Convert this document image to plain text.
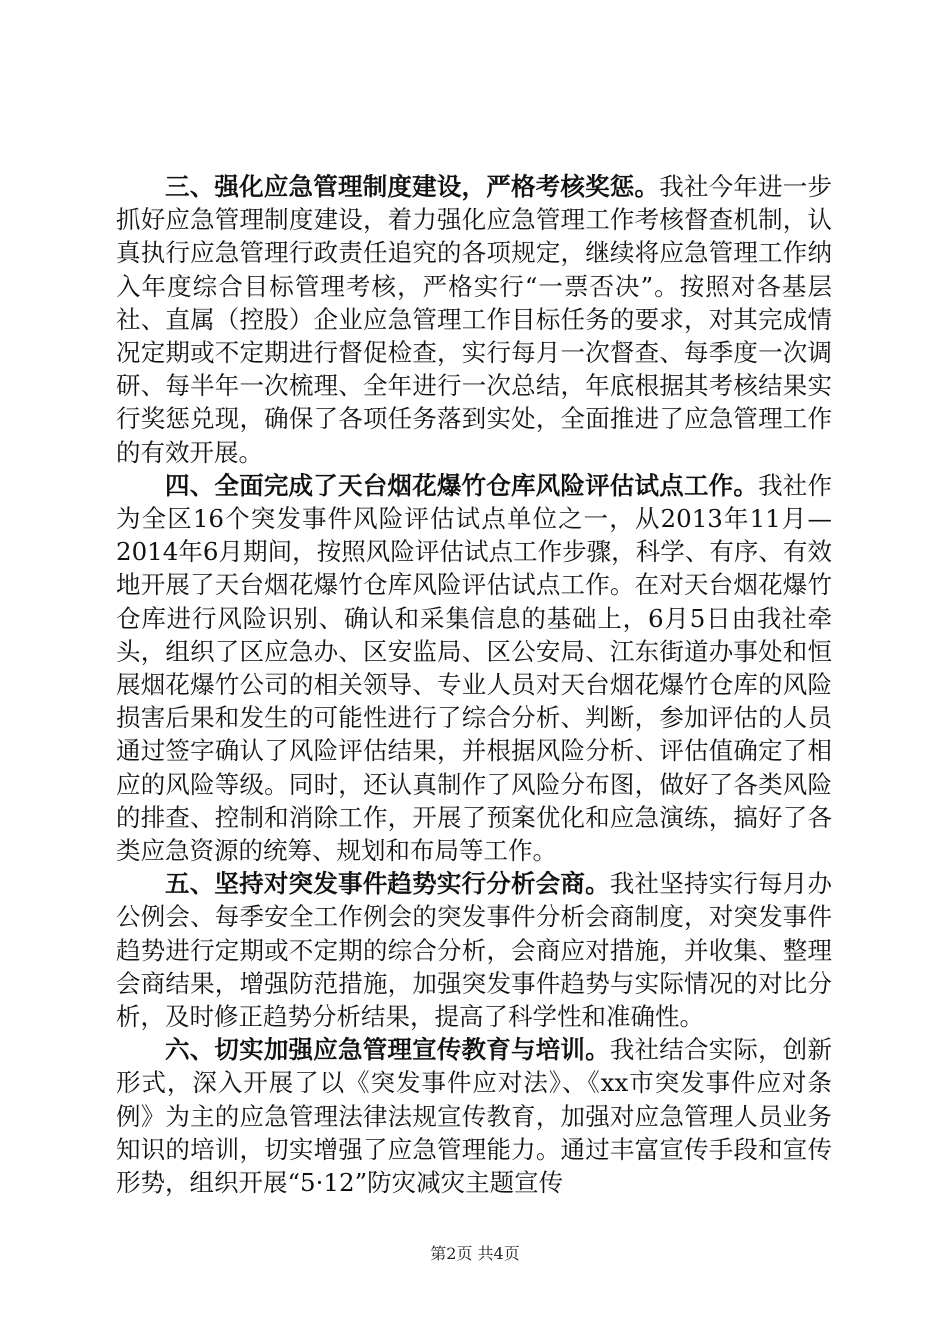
三、强化应急管理制度建设，严格考核奖惩。我社今年进一步抓好应急管理制度建设，着力强化应急管理工作考核督查机制，认真执行应急管理行政责任追究的各项规定，继续将应急管理工作纳入年度综合目标管理考核，严格实行“一票否决”。按照对各基层社、直属（控股）企业应急管理工作目标任务的要求，对其完成情况定期或不定期进行督促检查，实行每月一次督查、每季度一次调研、每半年一次梳理、全年进行一次总结，年底根据其考核结果实行奖惩兑现，确保了各项任务落到实处，全面推进了应急管理工作的有效开展。

四、全面完成了天台烟花爆竹仓库风险评估试点工作。我社作为全区16个突发事件风险评估试点单位之一，从2013年11月—2014年6月期间，按照风险评估试点工作步骤，科学、有序、有效地开展了天台烟花爆竹仓库风险评估试点工作。在对天台烟花爆竹仓库进行风险识别、确认和采集信息的基础上，6月5日由我社牵头，组织了区应急办、区安监局、区公安局、江东街道办事处和恒展烟花爆竹公司的相关领导、专业人员对天台烟花爆竹仓库的风险损害后果和发生的可能性进行了综合分析、判断，参加评估的人员通过签字确认了风险评估结果，并根据风险分析、评估值确定了相应的风险等级。同时，还认真制作了风险分布图，做好了各类风险的排查、控制和消除工作，开展了预案优化和应急演练，搞好了各类应急资源的统筹、规划和布局等工作。

五、坚持对突发事件趋势实行分析会商。我社坚持实行每月办公例会、每季安全工作例会的突发事件分析会商制度，对突发事件趋势进行定期或不定期的综合分析，会商应对措施，并收集、整理会商结果，增强防范措施，加强突发事件趋势与实际情况的对比分析，及时修正趋势分析结果，提高了科学性和准确性。

六、切实加强应急管理宣传教育与培训。我社结合实际，创新形式，深入开展了以《突发事件应对法》、《xx市突发事件应对条例》为主的应急管理法律法规宣传教育，加强对应急管理人员业务知识的培训，切实增强了应急管理能力。通过丰富宣传手段和宣传形势，组织开展“5·12”防灾减灾主题宣传

第2页 共4页
